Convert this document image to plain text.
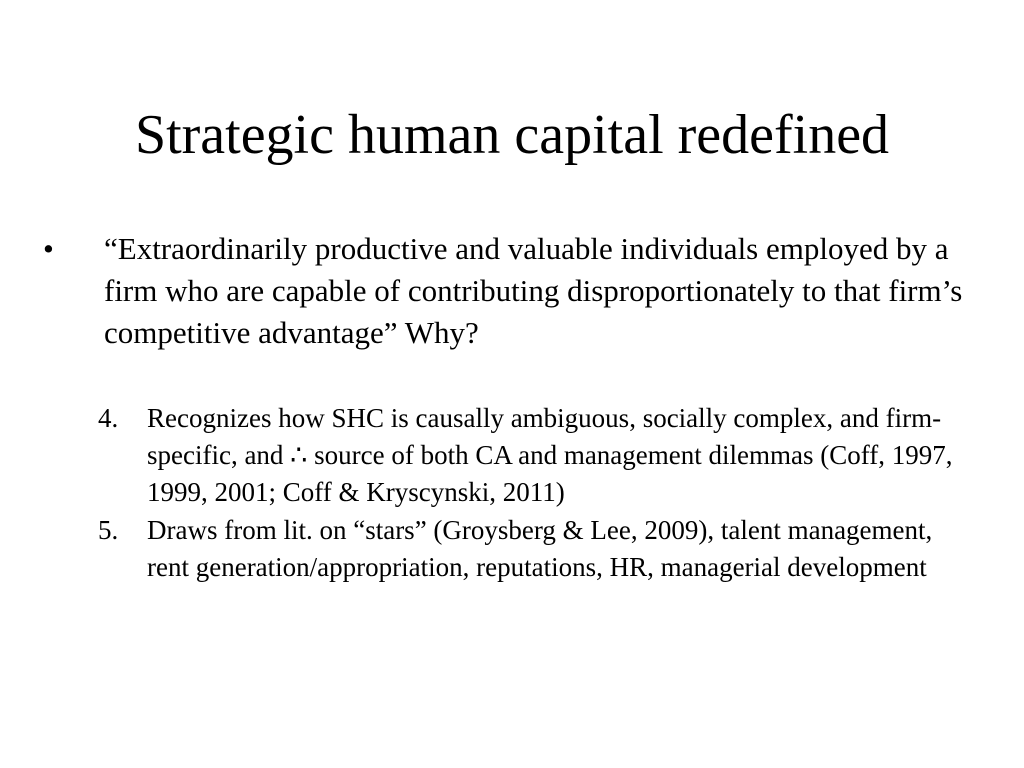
Strategic human capital redefined
•	“Extraordinarily productive and valuable individuals employed by a firm who are capable of contributing disproportionately to that firm’s competitive advantage” Why?
4. Recognizes how SHC is causally ambiguous, socially complex, and firm-specific, and ∴ source of both CA and management dilemmas (Coff, 1997, 1999, 2001; Coff & Kryscynski, 2011)
5. Draws from lit. on “stars” (Groysberg & Lee, 2009), talent management, rent generation/appropriation, reputations, HR, managerial development
